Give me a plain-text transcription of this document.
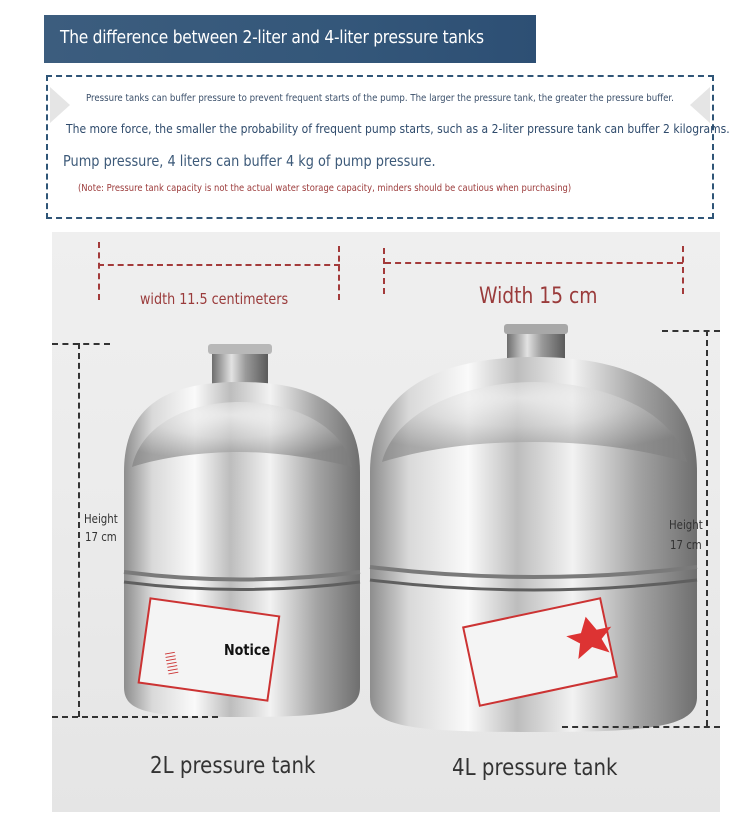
The difference between 2-liter and 4-liter pressure tanks
Pressure tanks can buffer pressure to prevent frequent starts of the pump. The larger the pressure tank, the greater the pressure buffer.
The more force, the smaller the probability of frequent pump starts, such as a 2-liter pressure tank can buffer 2 kilograms.
Pump pressure, 4 liters can buffer 4 kg of pump pressure.
(Note: Pressure tank capacity is not the actual water storage capacity, minders should be cautious when purchasing)
|||||||
width 11.5 centimeters	Width 15 cm
Height
17 cm
Height
17 cm
Notice
2L pressure tank	4L pressure tank
